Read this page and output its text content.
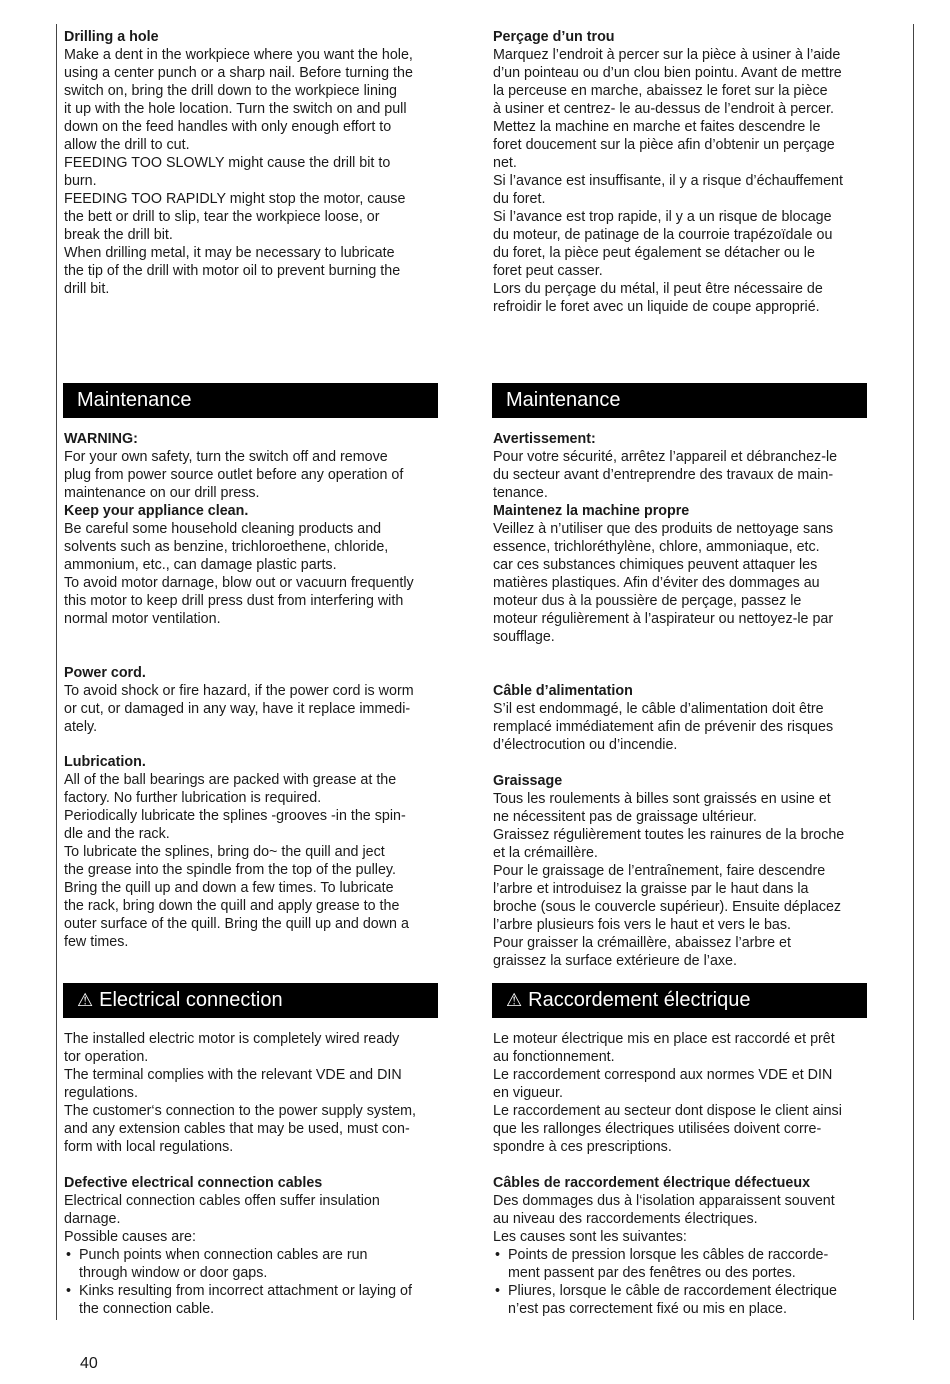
Drilling a hole

Make a dent in the workpiece where you want the hole,
using a center punch or a sharp nail. Before turning the
switch on, bring the drill down to the workpiece lining
it up with the hole location. Turn the switch on and pull
down on the feed handles with only enough effort to
allow the drill to cut.
FEEDING TOO SLOWLY might cause the drill bit to
burn.
FEEDING TOO RAPIDLY might stop the motor, cause
the bett or drill to slip, tear the workpiece loose, or
break the drill bit.
When drilling metal, it may be necessary to lubricate
the tip of the drill with motor oil to prevent burning the
drill bit.
Maintenance

WARNING:

For your own safety, turn the switch off and remove
plug from power source outlet before any operation of
maintenance on our drill press.

Keep your appliance clean.

Be careful some household cleaning products and
solvents such as benzine, trichloroethene, chloride,
ammonium, etc., can damage plastic parts.
To avoid motor darnage, blow out or vacuurn frequently
this motor to keep drill press dust from interfering with
normal motor ventilation.

Power cord.

To avoid shock or fire hazard, if the power cord is worm
or cut, or damaged in any way, have it replace immedi-
ately.

Lubrication.

All of the ball bearings are packed with grease at the
factory. No further lubrication is required.
Periodically lubricate the splines -grooves -in the spin-
dle and the rack.
To lubricate the splines, bring do~ the quill and ject
the grease into the spindle from the top of the pulley.
Bring the quill up and down a few times. To lubricate
the rack, bring down the quill and apply grease to the
outer surface of the quill. Bring the quill up and down a
few times.
⚠ Electrical connection
The installed electric motor is completely wired ready
tor operation.
The terminal complies with the relevant VDE and DIN
regulations.
The customer‘s connection to the power supply system,
and any extension cables that may be used, must con-
form with local regulations.

Defective electrical connection cables

Electrical connection cables offen suffer insulation
darnage.
Possible causes are:
• Punch points when connection cables are run
through window or door gaps.
• Kinks resulting from incorrect attachment or laying of
the connection cable.

Perçage d’un trou

Marquez l’endroit à percer sur la pièce à usiner à l’aide
d’un pointeau ou d’un clou bien pointu. Avant de mettre
la perceuse en marche, abaissez le foret sur la pièce
à usiner et centrez- le au-dessus de l’endroit à percer.
Mettez la machine en marche et faites descendre le
foret doucement sur la pièce afin d’obtenir un perçage
net.
Si l’avance est insuffisante, il y a risque d’échauffement
du foret.
Si l’avance est trop rapide, il y a un risque de blocage
du moteur, de patinage de la courroie trapézoïdale ou
du foret, la pièce peut également se détacher ou le
foret peut casser.
Lors du perçage du métal, il peut être nécessaire de
refroidir le foret avec un liquide de coupe approprié.
Maintenance

Avertissement:

Pour votre sécurité, arrêtez l’appareil et débranchez-le
du secteur avant d’entreprendre des travaux de main-
tenance.

Maintenez la machine propre

Veillez à n’utiliser que des produits de nettoyage sans
essence, trichloréthylène, chlore, ammoniaque, etc.
car ces substances chimiques peuvent attaquer les
matières plastiques. Afin d’éviter des dommages au
moteur dus à la poussière de perçage, passez le
moteur régulièrement à l’aspirateur ou nettoyez-le par
soufflage.

Câble d’alimentation

S’il est endommagé, le câble d’alimentation doit être
remplacé immédiatement afin de prévenir des risques
d’électrocution ou d’incendie.

Graissage

Tous les roulements à billes sont graissés en usine et
ne nécessitent pas de graissage ultérieur.
Graissez régulièrement toutes les rainures de la broche
et la crémaillère.
Pour le graissage de l’entraînement, faire descendre
l’arbre et introduisez la graisse par le haut dans la
broche (sous le couvercle supérieur). Ensuite déplacez
l’arbre plusieurs fois vers le haut et vers le bas.
Pour graisser la crémaillère, abaissez l’arbre et
graissez la surface extérieure de l’axe.
⚠ Raccordement électrique
Le moteur électrique mis en place est raccordé et prêt
au fonctionnement.
Le raccordement correspond aux normes VDE et DIN
en vigueur.
Le raccordement au secteur dont dispose le client ainsi
que les rallonges électriques utilisées doivent corre-
spondre à ces prescriptions.

Câbles de raccordement électrique défectueux

Des dommages dus à l‘isolation apparaissent souvent
au niveau des raccordements électriques.
Les causes sont les suivantes:
• Points de pression lorsque les câbles de raccorde-
ment passent par des fenêtres ou des portes.
• Pliures, lorsque le câble de raccordement électrique
n’est pas correctement fixé ou mis en place.
40
